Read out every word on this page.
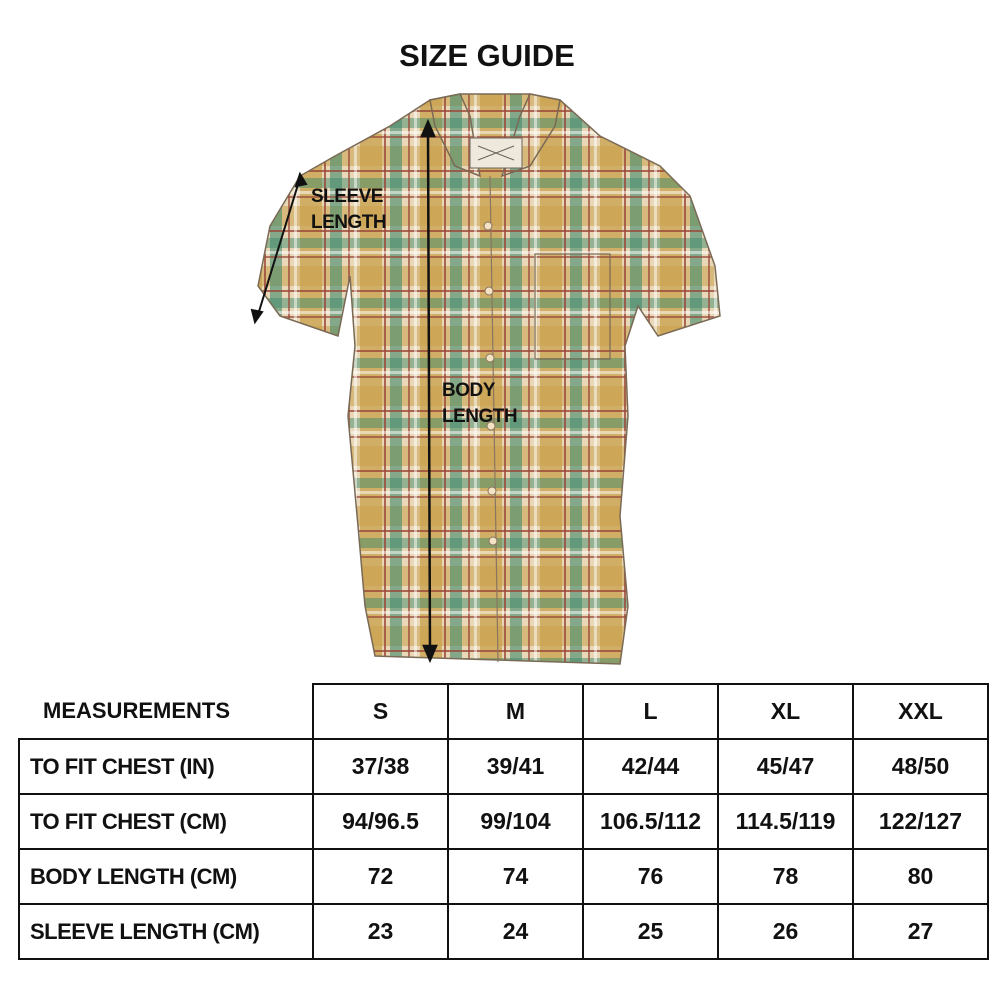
SIZE GUIDE
SLEEVE
LENGTH
BODY
LENGTH
MEASUREMENTS	S	M	L	XL	XXL
TO FIT CHEST (IN)	37/38	39/41	42/44	45/47	48/50
TO FIT CHEST (CM)	94/96.5	99/104	106.5/112	114.5/119	122/127
BODY LENGTH (CM)	72	74	76	78	80
SLEEVE LENGTH (CM)	23	24	25	26	27
